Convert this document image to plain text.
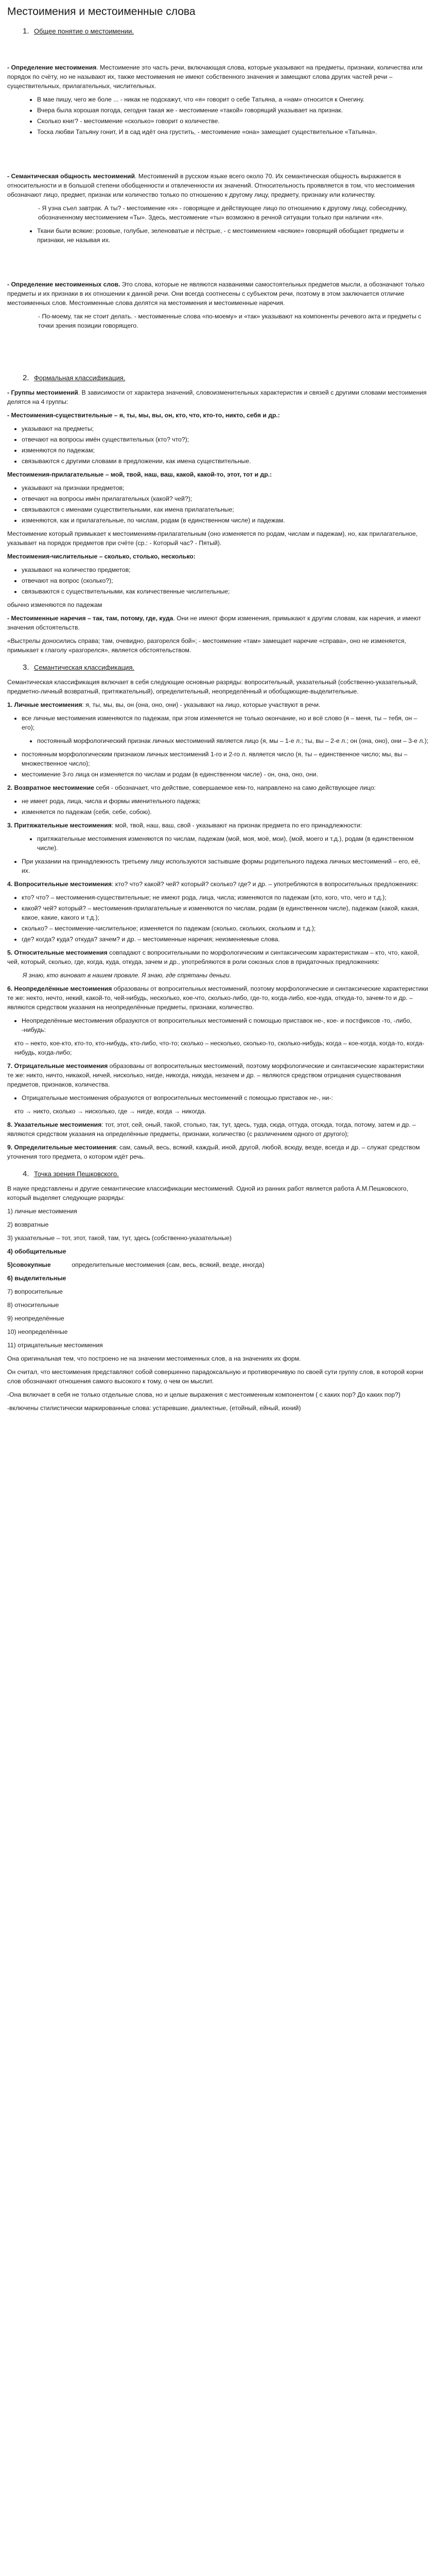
Местоимения и местоименные слова
1. Общее понятие о местоимении.

- Определение местоимения. Местоимение это часть речи, включающая слова, которые указывают на предметы, признаки, количества или порядок по счёту, но не называют их, также местоимения не имеют собственного значения и замещают слова других частей речи – существительных, прилагательных, числительных.

• В мае пишу, чего же боле ... - никак не подскажут, что «я» говорит о себе Татьяна, а «нам» относится к Онегину.
• Вчера была хорошая погода, сегодня такая же - местоимение «такой» говорящий указывает на признак.
• Сколько книг? - местоимение «сколько» говорит о количестве.
• Тоска любви Татьяну гонит, И в сад идёт она грустить, - местоимение «она» замещает существительное «Татьяна».

- Семантическая общность местоимений. Местоимений в русском языке всего около 70. Их семантическая общность выражается в относительности и в большой степени обобщенности и отвлеченности их значений. Относительность проявляется в том, что местоимения обозначают лицо, предмет, признак или количество только по отношению к другому лицу, предмету, признаку или количеству.

- Я узна съел завтрак. А ты? - местоимение «я» - говорящее и действующее лицо по отношению к другому лицу, собеседнику, обозначенному местоимением «Ты». Здесь, местоимение «ты» возможно в речной ситуации только при наличии «я».
• Ткани были всякие: розовые, голубые, зеленоватые и пёстрые, - с местоимением «всякие» говорящий обобщает предметы и признаки, не называя их.

- Определение местоименных слов. Это слова, которые не являются названиями самостоятельных предметов мысли, а обозначают только предметы и их признаки в их отношении к данной речи. Они всегда соотнесены с субъектом речи, поэтому в этом заключается отличие местоименных слов. Местоименные слова делятся на местоимения и местоименные наречия.

- По-моему, так не стоит делать. - местоименные слова «по-моему» и «так» указывают на компоненты речевого акта и предметы с точки зрения позиции говорящего.
2. Формальная классификация.

- Группы местоимений. В зависимости от характера значений, словоизменительных характеристик и связей с другими словами местоимения делятся на 4 группы:

- Местоимения-существительные – я, ты, мы, вы, он, кто, что, кто-то, никто, себя и др.:

• указывают на предметы;
• отвечают на вопросы имён существительных (кто? что?);
• изменяются по падежам;
• связываются с другими словами в предложении, как имена существительные.

Местоимения-прилагательные – мой, твой, наш, ваш, какой, какой-то, этот, тот и др.:

• указывают на признаки предметов;
• отвечают на вопросы имён прилагательных (какой? чей?);
• связываются с именами существительными, как имена прилагательные;
• изменяются, как и прилагательные, по числам, родам (в единственном числе) и падежам.

Местоимение который примыкает к местоимениям-прилагательным (оно изменяется по родам, числам и падежам), но, как прилагательное, указывает на порядок предметов при счёте (ср.: - Который час? - Пятый).

Местоимения-числительные – сколько, столько, несколько:

• указывают на количество предметов;
• отвечают на вопрос (сколько?);
• связываются с существительными, как количественные числительные;

обычно изменяются по падежам

- Местоименные наречия – так, там, потому, где, куда. Они не имеют форм изменения, примыкают к другим словам, как наречия, и имеют значения обстоятельств.

«Выстрелы доносились справа; там, очевидно, разгорелся бой»; - местоимение «там» замещает наречие «справа», оно не изменяется, примыкает к глаголу «разгорелся», является обстоятельством.

3. Семантическая классификация.

Семантическая классификация включает в себя следующие основные разряды: вопросительный, указательный (собственно-указательный, предметно-личный возвратный, притяжательный), определительный, неопределённый и обобщающие-выделительные.

1. Личные местоимения: я, ты, мы, вы, он (она, оно, они) - указывают на лицо, которые участвуют в речи.

• все личные местоимения изменяются по падежам, при этом изменяется не только окончание, но и всё слово (я – меня, ты – тебя, он – его);
• постоянный морфологический признак личных местоимений является лицо (я, мы – 1-е л.; ты, вы – 2-е л.; он (она, оно), они – 3-е л.);
• постоянным морфологическим признаком личных местоимений 1-го и 2-го л. является число (я, ты – единственное число; мы, вы – множественное число);
• местоимение 3-го лица он изменяется по числам и родам (в единственном числе) - он, она, оно, они.

2. Возвратное местоимение себя - обозначает, что действие, совершаемое кем-то, направлено на само действующее лицо:

• не имеет рода, лица, числа и формы именительного падежа;
• изменяется по падежам (себя, себе, собою).

3. Притяжательные местоимения: мой, твой, наш, ваш, свой - указывают на признак предмета по его принадлежности:

• притяжательные местоимения изменяются по числам, падежам (мой, моя, моё, мои), (мой, моего и т.д.), родам (в единственном числе).
• При указании на принадлежность третьему лицу используются застывшие формы родительного падежа личных местоимений – его, её, их.

4. Вопросительные местоимения: кто? что? какой? чей? который? сколько? где? и др. – употребляются в вопросительных предложениях:

• кто? что? – местоимения-существительные; не имеют рода, лица, числа; изменяются по падежам (кто, кого, что, чего и т.д.);
• какой? чей? который? – местоимения-прилагательные и изменяются по числам, родам (в единственном числе), падежам (какой, какая, какое, какие, какого и т.д.);
• сколько? – местоимение-числительное; изменяется по падежам (сколько, скольких, скольким и т.д.);
• где? когда? куда? откуда? зачем? и др. – местоименные наречия; неизменяемые слова.

5. Относительные местоимения совпадают с вопросительными по морфологическим и синтаксическим характеристикам – кто, что, какой, чей, который, сколько, где, когда, куда, откуда, зачем и др., употребляются в роли союзных слов в придаточных предложениях:

Я знаю, кто виноват в нашем провале. Я знаю, где спрятаны деньги.

6. Неопределённые местоимения образованы от вопросительных местоимений, поэтому морфологические и синтаксические характеристики те же: некто, нечто, некий, какой-то, чей-нибудь, несколько, кое-что, сколько-либо, где-то, когда-либо, кое-куда, откуда-то, зачем-то и др. – являются средством указания на неопределённые предметы, признаки, количество.

• Неопределённые местоимения образуются от вопросительных местоимений с помощью приставок не-, кое- и постфиксов -то, -либо, -нибудь:

кто – некто, кое-кто, кто-то, кто-нибудь, кто-либо, что-то; сколько – несколько, сколько-то, сколько-нибудь; когда – кое-когда, когда-то, когда-нибудь, когда-либо;

7. Отрицательные местоимения образованы от вопросительных местоимений, поэтому морфологические и синтаксические характеристики те же: никто, ничто, никакой, ничей, нисколько, нигде, никогда, никуда, незачем и др. – являются средством отрицания существования предметов, признаков, количества.

• Отрицательные местоимения образуются от вопросительных местоимений с помощью приставок не-, ни-:

кто → никто, сколько → нисколько, где → нигде, когда → никогда.

8. Указательные местоимения: тот, этот, сей, оный, такой, столько, так, тут, здесь, туда, сюда, оттуда, отсюда, тогда, потому, затем и др. – являются средством указания на определённые предметы, признаки, количество (с различением одного от другого);

9. Определительные местоимения: сам, самый, весь, всякий, каждый, иной, другой, любой, всюду, везде, всегда и др. – служат средством уточнения того предмета, о котором идёт речь.

4. Точка зрения Пешковского.

В науке представлены и другие семантические классификации местоимений. Одной из ранних работ является работа А.М.Пешковского, который выделяет следующие разряды:

1) личные местоимения

2) возвратные

3) указательные – тот, этот, такой, там, тут, здесь (собственно-указательные)

4) обобщительные

5)совокупные	определительные местоимения (сам, весь, всякий, везде, иногда)

6) выделительные

7) вопросительные

8) относительные

9) неопределённые

10) неопределённые

11) отрицательные местоимения

Она оригинальная тем, что построено не на значении местоименных слов, а на значениях их форм.

Он считал, что местоимения представляют собой совершенно парадоксальную и противоречивую по своей сути группу слов, в которой корни слов обозначают отношения самого высокого к тому, о чем он мыслит.

-Она включает в себя не только отдельные слова, но и целые выражения с местоименным компонентом ( с каких пор? До каких пор?)

-включены стилистически маркированные слова: устаревшие, диалектные, (етойный, ейный, ихний)
